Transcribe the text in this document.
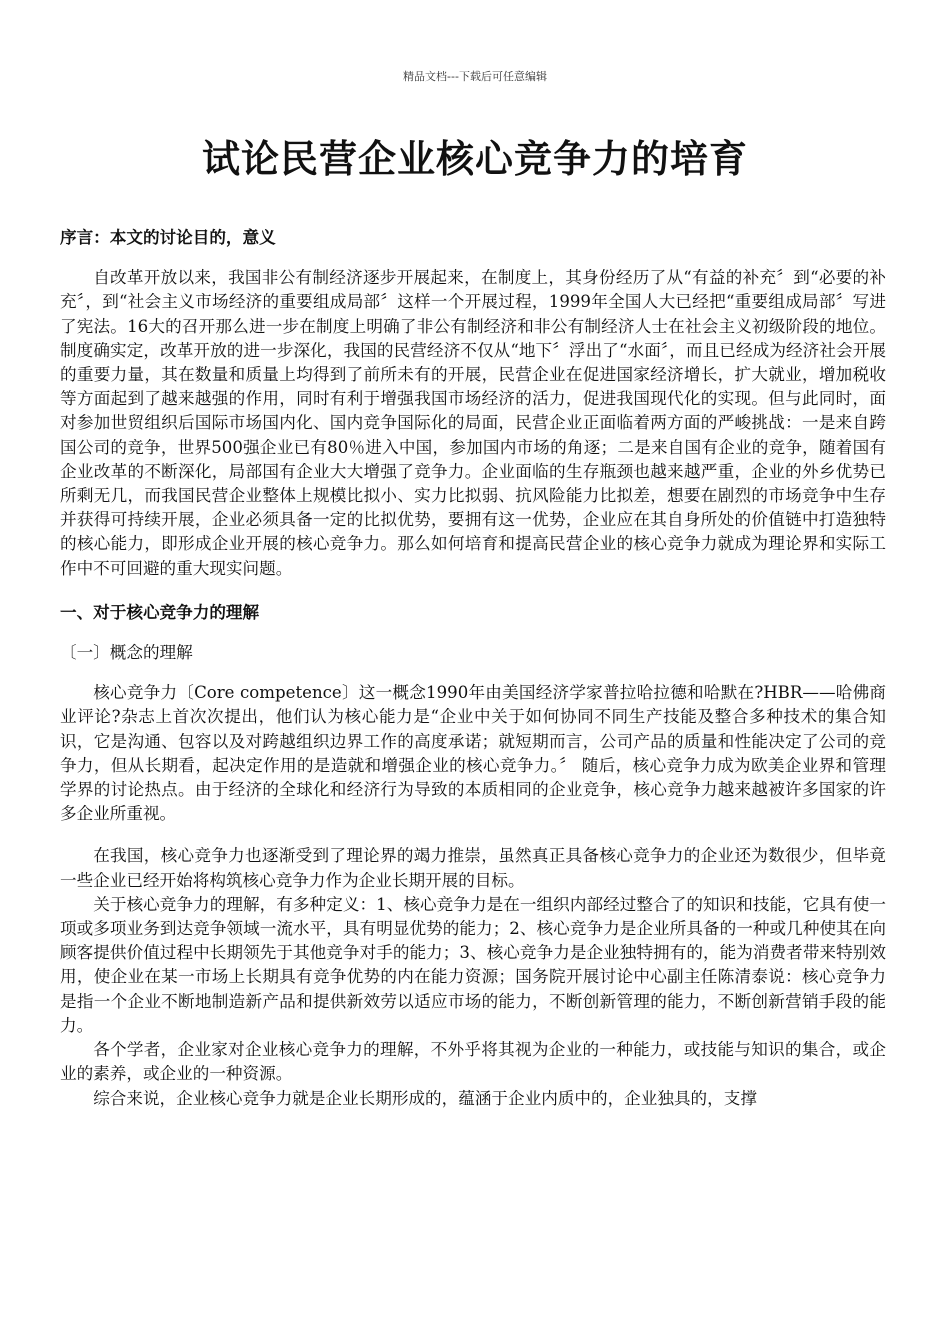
精品文档---下载后可任意编辑
试论民营企业核心竞争力的培育
序言：本文的讨论目的，意义

自改革开放以来，我国非公有制经济逐步开展起来，在制度上，其身份经历了从“有益的补充〞到“必要的补充〞，到“社会主义市场经济的重要组成局部〞这样一个开展过程，1999年全国人大已经把“重要组成局部〞写进了宪法。16大的召开那么进一步在制度上明确了非公有制经济和非公有制经济人士在社会主义初级阶段的地位。制度确实定，改革开放的进一步深化，我国的民营经济不仅从“地下〞浮出了“水面〞，而且已经成为经济社会开展的重要力量，其在数量和质量上均得到了前所未有的开展，民营企业在促进国家经济增长，扩大就业，增加税收等方面起到了越来越强的作用，同时有利于增强我国市场经济的活力，促进我国现代化的实现。但与此同时，面对参加世贸组织后国际市场国内化、国内竞争国际化的局面，民营企业正面临着两方面的严峻挑战：一是来自跨国公司的竞争，世界500强企业已有80％进入中国，参加国内市场的角逐；二是来自国有企业的竞争，随着国有企业改革的不断深化，局部国有企业大大增强了竞争力。企业面临的生存瓶颈也越来越严重，企业的外乡优势已所剩无几，而我国民营企业整体上规模比拟小、实力比拟弱、抗风险能力比拟差，想要在剧烈的市场竞争中生存并获得可持续开展，企业必须具备一定的比拟优势，要拥有这一优势，企业应在其自身所处的价值链中打造独特的核心能力，即形成企业开展的核心竞争力。那么如何培育和提高民营企业的核心竞争力就成为理论界和实际工作中不可回避的重大现实问题。

一、对于核心竞争力的理解
〔一〕概念的理解

核心竞争力〔Core competence〕这一概念1990年由美国经济学家普拉哈拉德和哈默在?HBR——哈佛商业评论?杂志上首次次提出，他们认为核心能力是“企业中关于如何协同不同生产技能及整合多种技术的集合知识，它是沟通、包容以及对跨越组织边界工作的高度承诺；就短期而言，公司产品的质量和性能决定了公司的竞争力，但从长期看，起决定作用的是造就和增强企业的核心竞争力。〞 随后，核心竞争力成为欧美企业界和管理学界的讨论热点。由于经济的全球化和经济行为导致的本质相同的企业竞争，核心竞争力越来越被许多国家的许多企业所重视。

在我国，核心竞争力也逐渐受到了理论界的竭力推崇，虽然真正具备核心竞争力的企业还为数很少，但毕竟一些企业已经开始将构筑核心竞争力作为企业长期开展的目标。

关于核心竞争力的理解，有多种定义：1、核心竞争力是在一组织内部经过整合了的知识和技能，它具有使一项或多项业务到达竞争领域一流水平，具有明显优势的能力；2、核心竞争力是企业所具备的一种或几种使其在向顾客提供价值过程中长期领先于其他竞争对手的能力；3、核心竞争力是企业独特拥有的，能为消费者带来特别效用，使企业在某一市场上长期具有竞争优势的内在能力资源；国务院开展讨论中心副主任陈清泰说：核心竞争力是指一个企业不断地制造新产品和提供新效劳以适应市场的能力，不断创新管理的能力，不断创新营销手段的能力。

各个学者，企业家对企业核心竞争力的理解，不外乎将其视为企业的一种能力，或技能与知识的集合，或企业的素养，或企业的一种资源。

综合来说，企业核心竞争力就是企业长期形成的，蕴涵于企业内质中的，企业独具的，支撑
